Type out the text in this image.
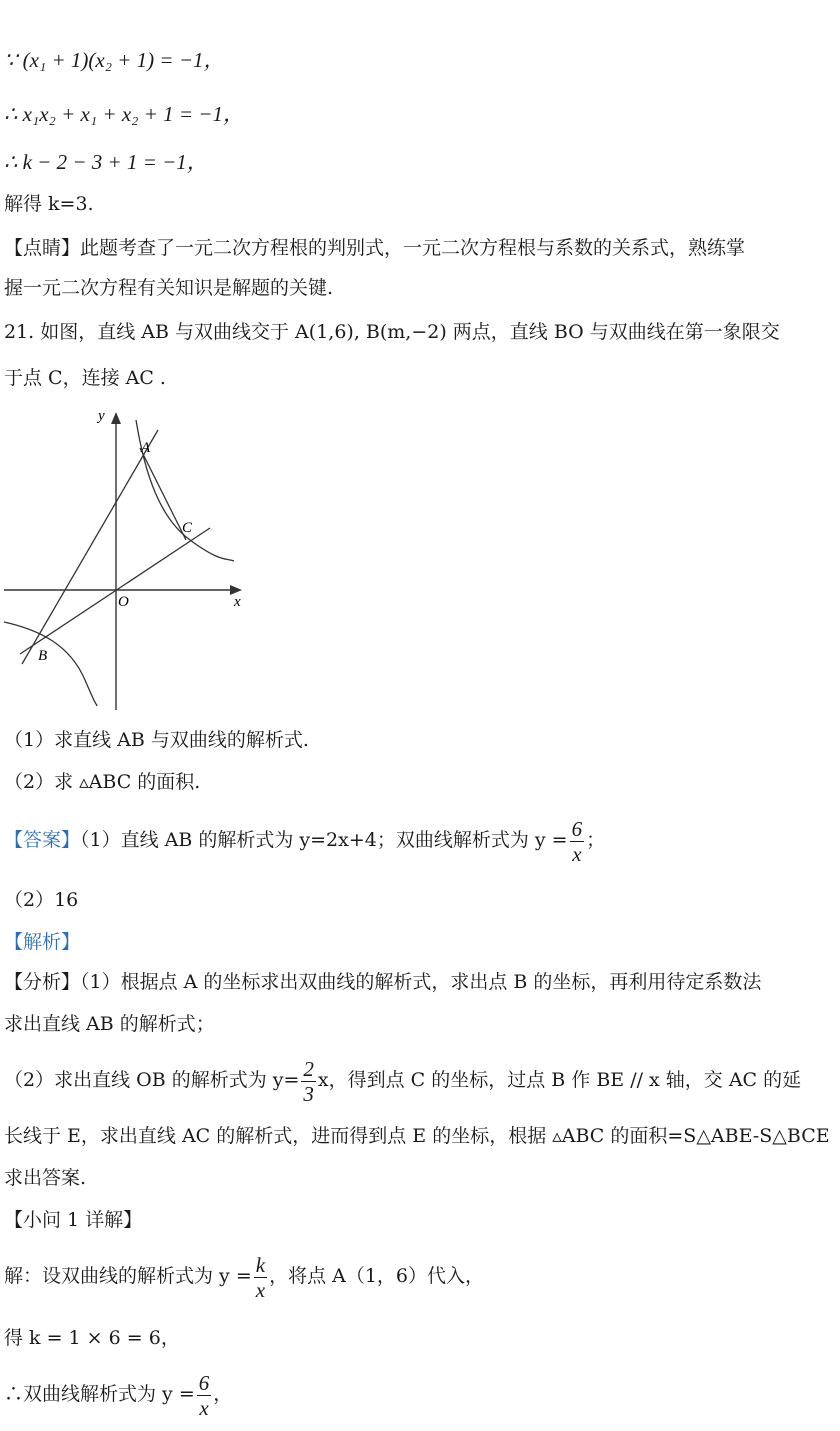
∵ (x₁ + 1)(x₂ + 1) = −1，
∴ x₁x₂ + x₁ + x₂ + 1 = −1，
∴ k − 2 − 3 + 1 = −1，
解得 k=3.
【点睛】此题考查了一元二次方程根的判别式，一元二次方程根与系数的关系式，熟练掌
握一元二次方程有关知识是解题的关键.
21. 如图，直线 AB 与双曲线交于 A(1,6), B(m,−2) 两点，直线 BO 与双曲线在第一象限交
于点 C，连接 AC .
y
x
O
A
C
B
（1）求直线 AB 与双曲线的解析式.
（2）求 ▵ABC 的面积.
【答案】（1）直线 AB 的解析式为 y=2x+4；双曲线解析式为 $y = \frac{6}{x}$ ；
（2）16
【解析】
【分析】（1）根据点 A 的坐标求出双曲线的解析式，求出点 B 的坐标，再利用待定系数法
求出直线 AB 的解析式；
（2）求出直线 OB 的解析式为 $y= \frac{2}{3}$ x，得到点 C 的坐标，过点 B 作 BE // x 轴，交 AC 的延
长线于 E，求出直线 AC 的解析式，进而得到点 E 的坐标，根据 ▵ABC 的面积=S△ABE-S△BCE
求出答案.
【小问 1 详解】
解：设双曲线的解析式为 $y = \frac{k}{x}$ ，将点 A（1，6）代入，
得 k = 1 × 6 = 6，
∴双曲线解析式为 $y = \frac{6}{x}$ ，
